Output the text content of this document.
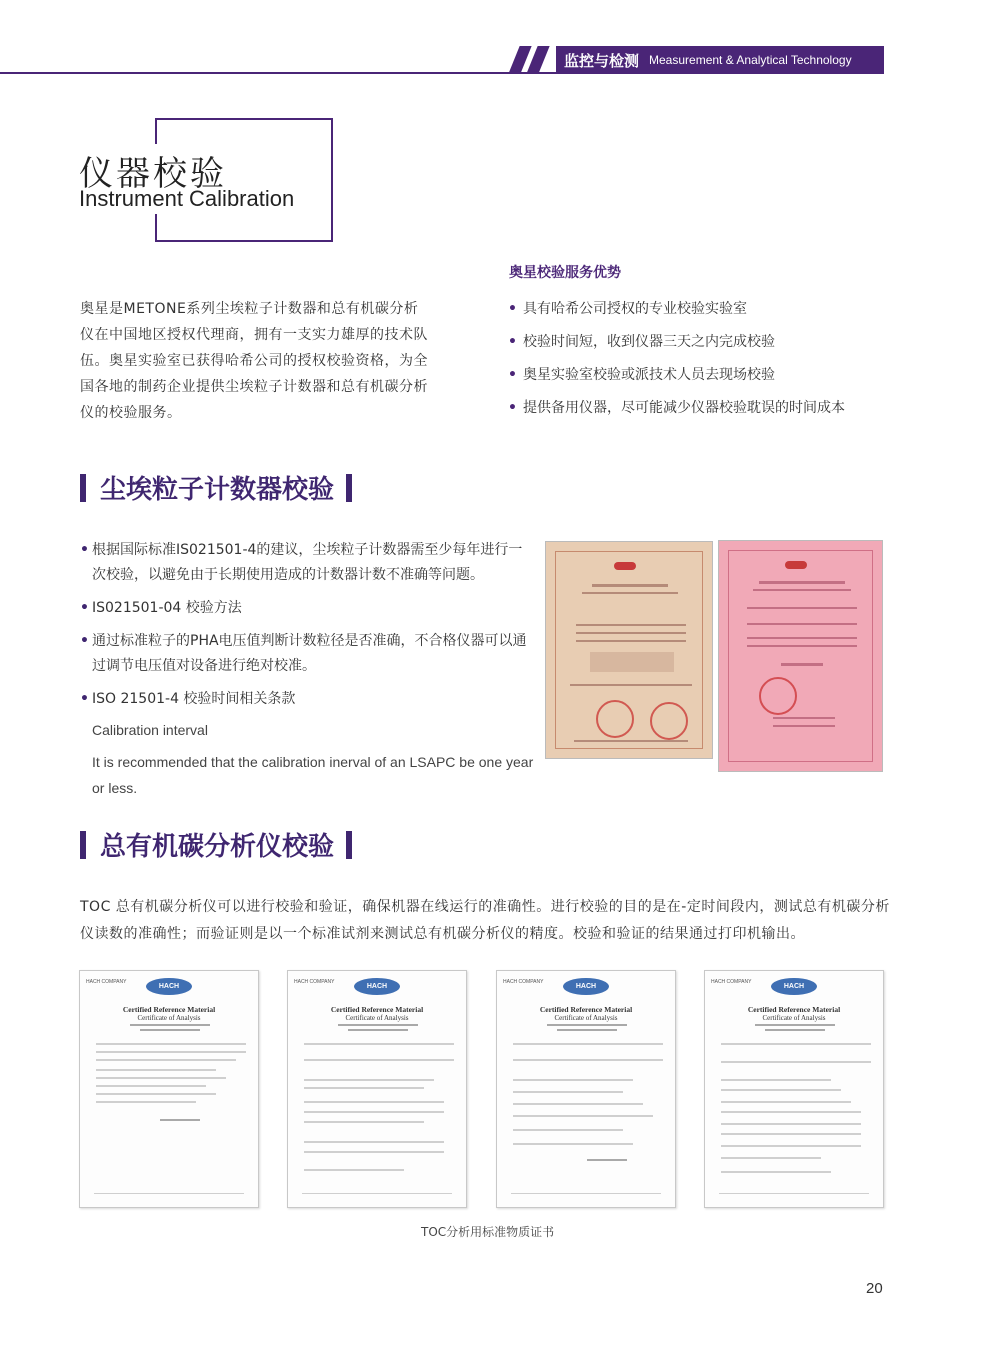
监控与检测 Measurement & Analytical Technology
仪器校验
Instrument Calibration
奥星是METONE系列尘埃粒子计数器和总有机碳分析仪在中国地区授权代理商，拥有一支实力雄厚的技术队伍。奥星实验室已获得哈希公司的授权校验资格，为全国各地的制药企业提供尘埃粒子计数器和总有机碳分析仪的校验服务。
奥星校验服务优势
• 具有哈希公司授权的专业校验实验室
• 校验时间短，收到仪器三天之内完成校验
• 奥星实验室校验或派技术人员去现场校验
• 提供备用仪器，尽可能减少仪器校验耽误的时间成本
尘埃粒子计数器校验
• 根据国际标准IS021501-4的建议，尘埃粒子计数器需至少每年进行一次校验，以避免由于长期使用造成的计数器计数不准确等问题。
• IS021501-04 校验方法
• 通过标准粒子的PHA电压值判断计数粒径是否准确，不合格仪器可以通过调节电压值对设备进行绝对校准。
• ISO 21501-4 校验时间相关条款
Calibration interval
It is recommended that the calibration inerval of an LSAPC be one year or less.
总有机碳分析仪校验
TOC 总有机碳分析仪可以进行校验和验证，确保机器在线运行的准确性。进行校验的目的是在-定时间段内，测试总有机碳分析仪读数的准确性；而验证则是以一个标准试剂来测试总有机碳分析仪的精度。校验和验证的结果通过打印机输出。
HACH COMPANY
HACH
Certified Reference Material
Certificate of Analysis
HACH COMPANY
HACH
Certified Reference Material
Certificate of Analysis
HACH COMPANY
HACH
Certified Reference Material
Certificate of Analysis
HACH COMPANY
HACH
Certified Reference Material
Certificate of Analysis
TOC分析用标准物质证书
20
